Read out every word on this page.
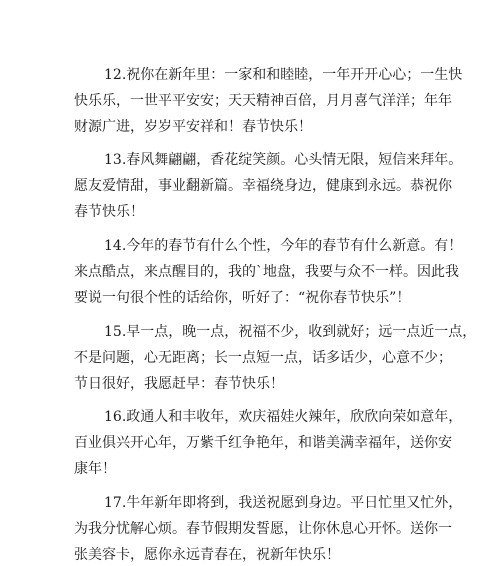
12.祝你在新年里：一家和和睦睦，一年开开心心；一生快
快乐乐，一世平平安安；天天精神百倍，月月喜气洋洋；年年
财源广进，岁岁平安祥和！春节快乐！
13.春风舞翩翩，香花绽笑颜。心头情无限，短信来拜年。
愿友爱情甜，事业翻新篇。幸福绕身边，健康到永远。恭祝你
春节快乐！
14.今年的春节有什么个性，今年的春节有什么新意。有！
来点酷点，来点醒目的，我的`地盘，我要与众不一样。因此我
要说一句很个性的话给你，听好了：“祝你春节快乐”！
15.早一点，晚一点，祝福不少，收到就好；远一点近一点，
不是问题，心无距离；长一点短一点，话多话少，心意不少；
节日很好，我愿赶早：春节快乐！
16.政通人和丰收年，欢庆福娃火辣年，欣欣向荣如意年，
百业俱兴开心年，万紫千红争艳年，和谐美满幸福年，送你安
康年！
17.牛年新年即将到，我送祝愿到身边。平日忙里又忙外，
为我分忧解心烦。春节假期发誓愿，让你休息心开怀。送你一
张美容卡，愿你永远青春在，祝新年快乐！
